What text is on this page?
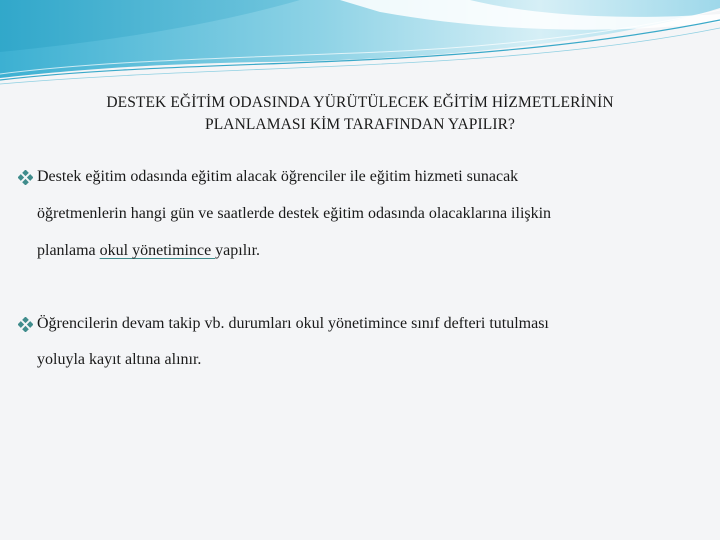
DESTEK EĞİTİM ODASINDA YÜRÜTÜLECEK EĞİTİM HİZMETLERİNİN
PLANLAMASI KİM TARAFINDAN YAPILIR?
Destek eğitim odasında eğitim alacak öğrenciler ile eğitim hizmeti sunacak
öğretmenlerin hangi gün ve saatlerde destek eğitim odasında olacaklarına ilişkin
planlama okul yönetimince yapılır.
Öğrencilerin devam takip vb. durumları okul yönetimince sınıf defteri tutulması
yoluyla kayıt altına alınır.
